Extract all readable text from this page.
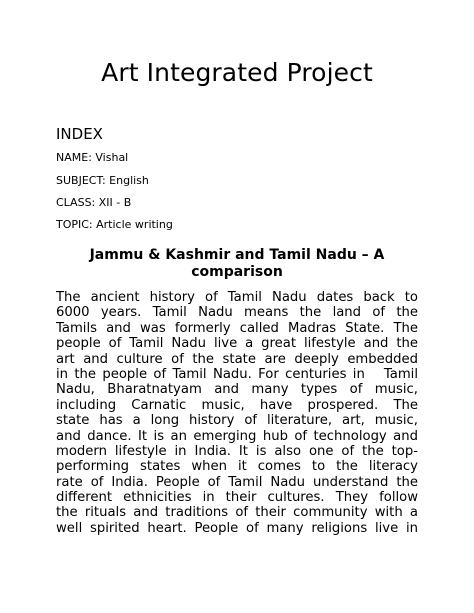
Art Integrated Project
INDEX
NAME: Vishal
SUBJECT: English
CLASS: XII - B
TOPIC: Article writing
Jammu & Kashmir and Tamil Nadu – A
comparison
The ancient history of Tamil Nadu dates back to
6000 years. Tamil Nadu means the land of the
Tamils and was formerly called Madras State. The
people of Tamil Nadu live a great lifestyle and the
art and culture of the state are deeply embedded
in the people of Tamil Nadu. For centuries in   Tamil
Nadu, Bharatnatyam and many types of music,
including Carnatic music, have prospered. The
state has a long history of literature, art, music,
and dance. It is an emerging hub of technology and
modern lifestyle in India. It is also one of the top-
performing states when it comes to the literacy
rate of India. People of Tamil Nadu understand the
different ethnicities in their cultures. They follow
the rituals and traditions of their community with a
well spirited heart. People of many religions live in
